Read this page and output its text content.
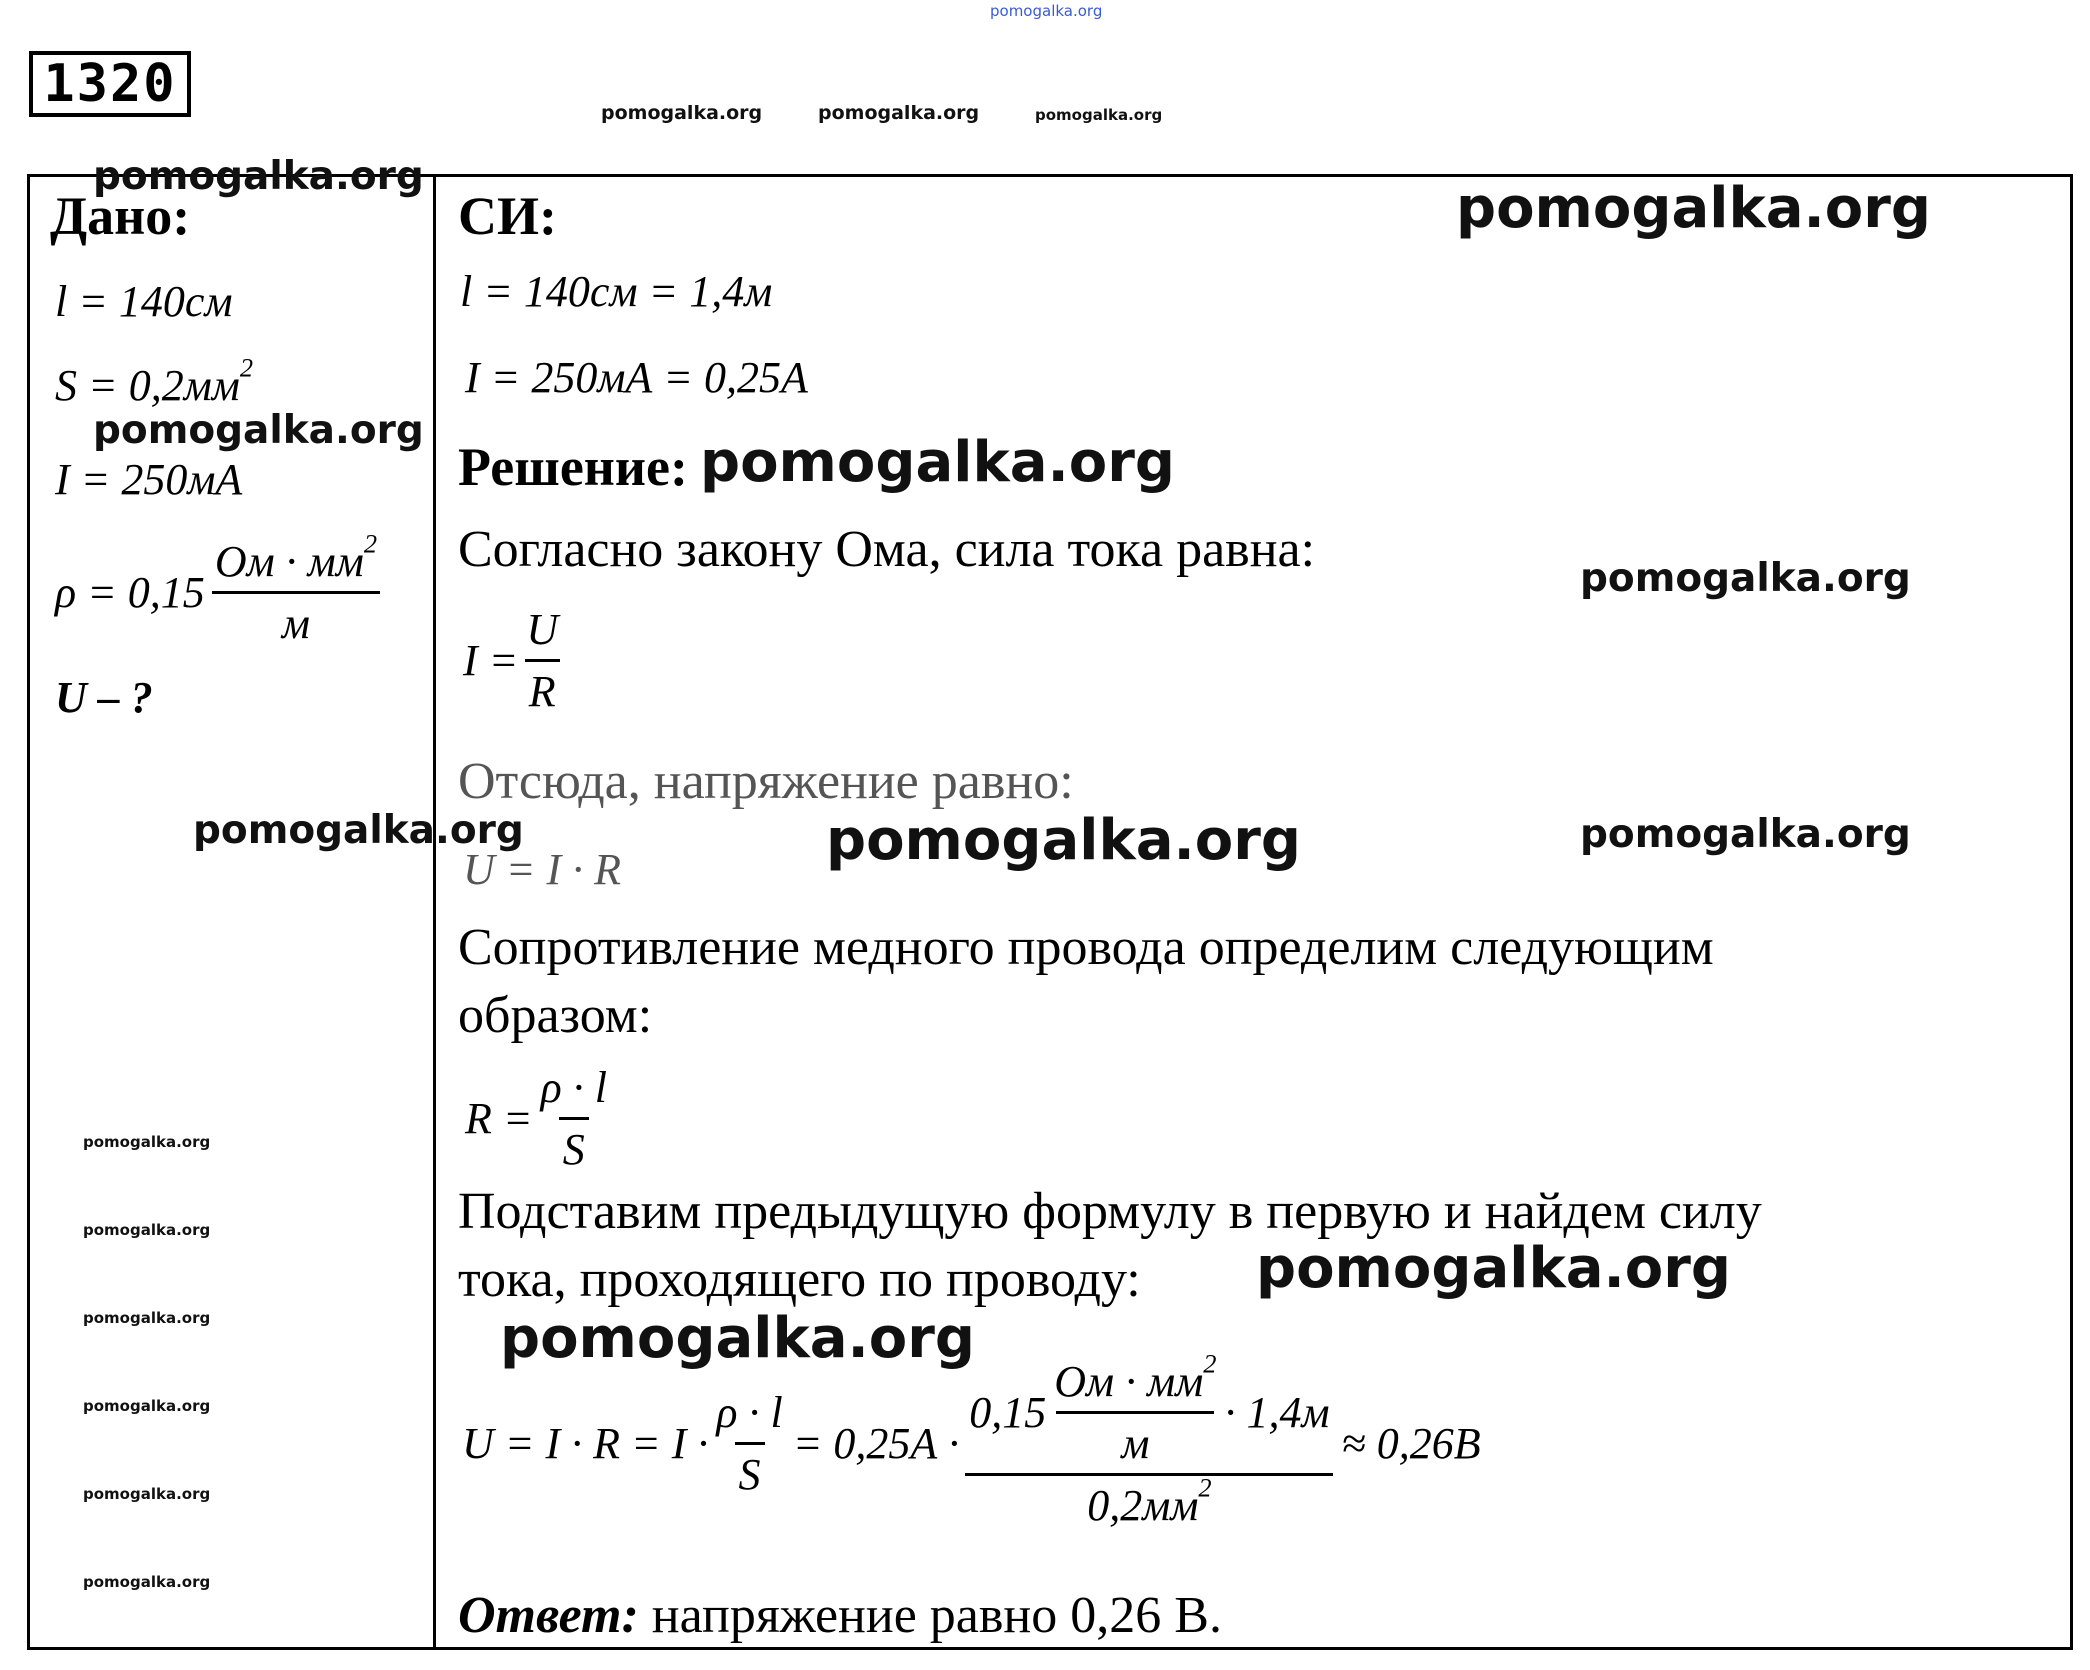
pomogalka.org
1320	pomogalka.org	pomogalka.org	pomogalka.org
Дано:
pomogalka.org
l = 140см
$S = 0,2мм^2$
pomogalka.org
I = 250мА
$\rho = 0,15 \frac{Ом \cdot мм^2}{м}$
U – ?
pomogalka.org
pomogalka.org
pomogalka.org
pomogalka.org
pomogalka.org
pomogalka.org
pomogalka.org
СИ:	pomogalka.org
l = 140см = 1,4м
I = 250мА = 0,25А
Решение: pomogalka.org
Согласно закону Ома, сила тока равна:
pomogalka.org
$I = \frac{U}{R}$
Отсюда, напряжение равно:
U = I · R
pomogalka.org
pomogalka.org
Сопротивление медного провода определим следующим
образом:
$R = \frac{\rho \cdot l}{S}$
Подставим предыдущую формулу в первую и найдем силу
тока, проходящего по проводу: pomogalka.org
pomogalka.org
$U = I \cdot R = I \cdot \frac{\rho \cdot l}{S} = 0,25А \cdot \frac{0,15 \frac{Ом \cdot мм^2}{м} \cdot 1,4м}{0,2мм^2} \approx 0,26В$
Ответ: напряжение равно 0,26 В.
